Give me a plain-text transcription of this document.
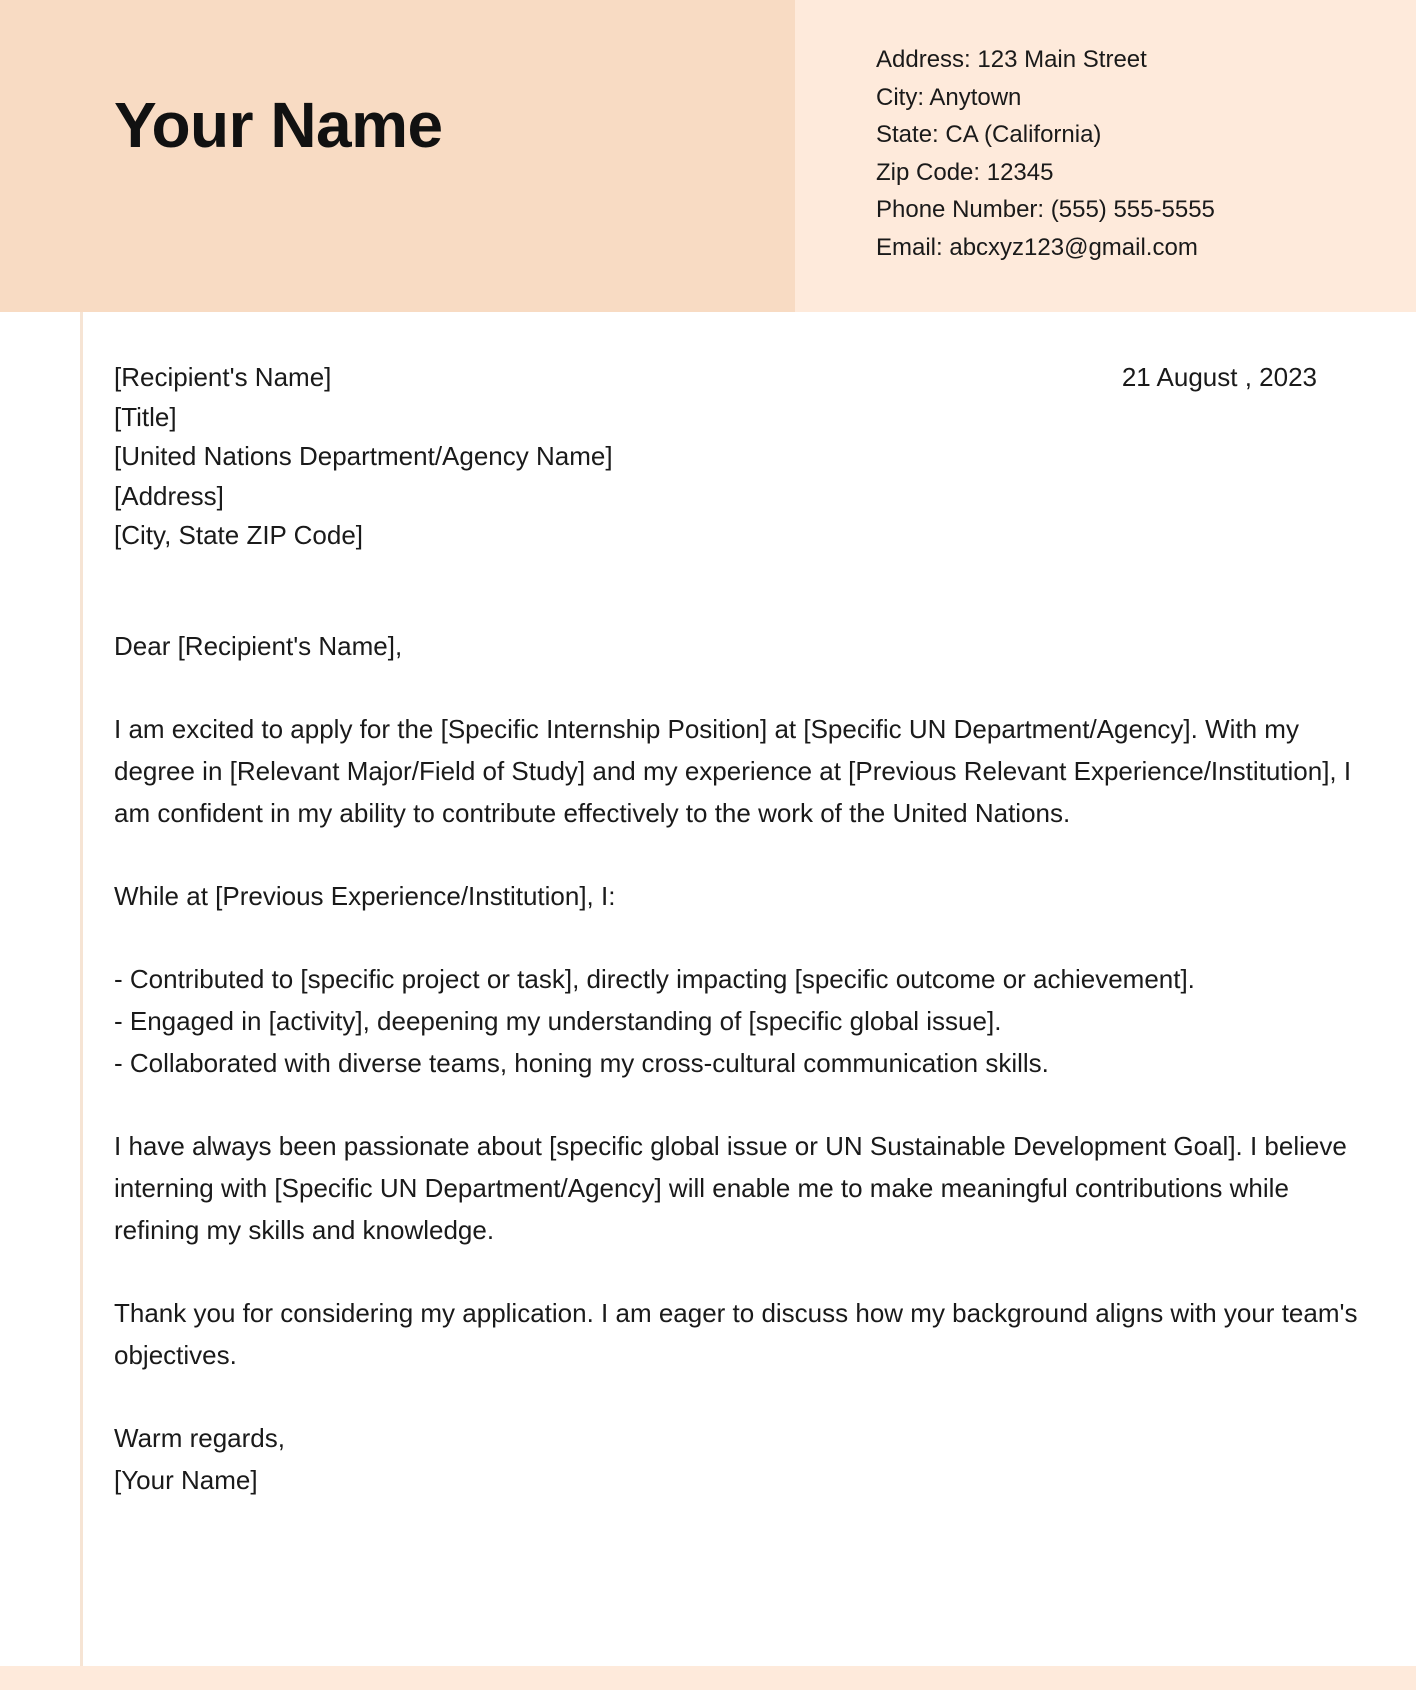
Your Name
Address: 123 Main Street
City: Anytown
State: CA (California)
Zip Code: 12345
Phone Number: (555) 555-5555
Email: abcxyz123@gmail.com
[Recipient's Name]
[Title]
[United Nations Department/Agency Name]
[Address]
[City, State ZIP Code]
21 August , 2023

Dear [Recipient's Name],

I am excited to apply for the [Specific Internship Position] at [Specific UN Department/Agency]. With my degree in [Relevant Major/Field of Study] and my experience at [Previous Relevant Experience/Institution], I am confident in my ability to contribute effectively to the work of the United Nations.

While at [Previous Experience/Institution], I:

- Contributed to [specific project or task], directly impacting [specific outcome or achievement].
- Engaged in [activity], deepening my understanding of [specific global issue].
- Collaborated with diverse teams, honing my cross-cultural communication skills.

I have always been passionate about [specific global issue or UN Sustainable Development Goal]. I believe interning with [Specific UN Department/Agency] will enable me to make meaningful contributions while refining my skills and knowledge.

Thank you for considering my application. I am eager to discuss how my background aligns with your team's objectives.

Warm regards,
[Your Name]
